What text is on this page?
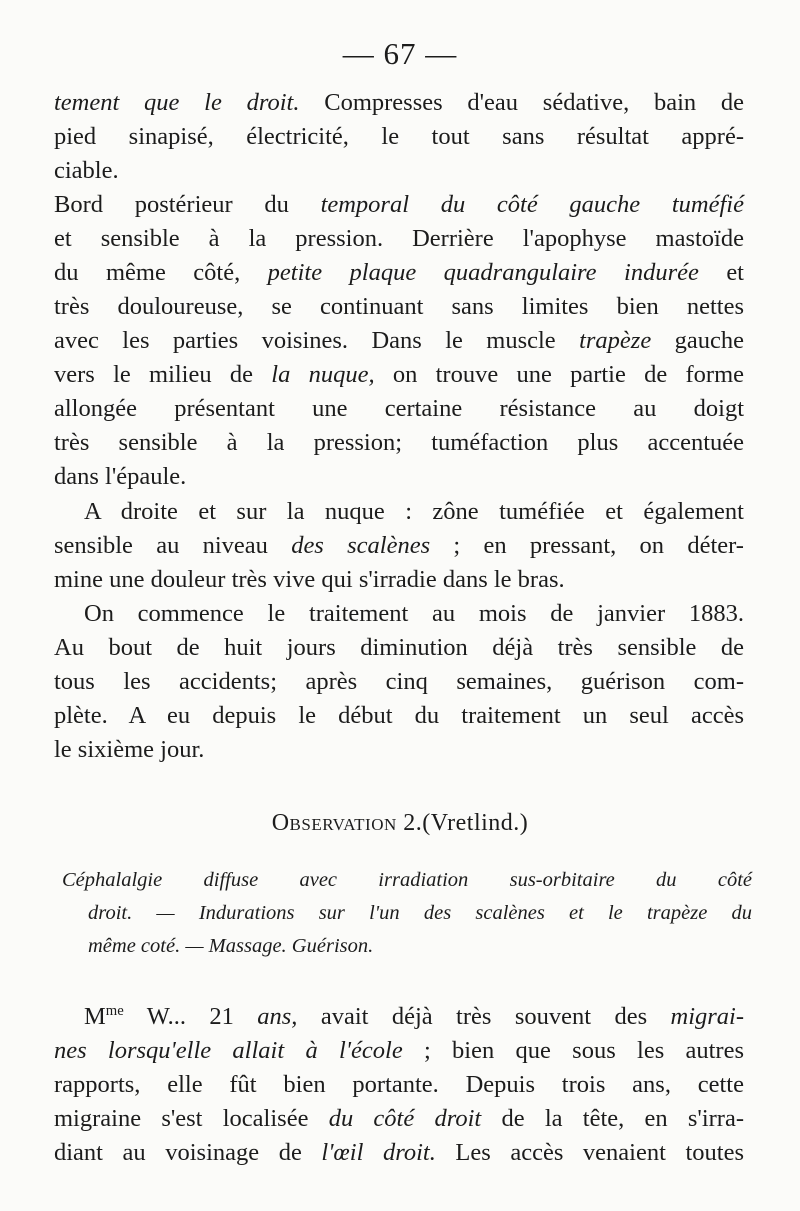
— 67 —
tement que le droit. Compresses d'eau sédative, bain de
pied sinapisé, électricité, le tout sans résultat appré-
ciable.
Bord postérieur du temporal du côté gauche tuméfié
et sensible à la pression. Derrière l'apophyse mastoïde
du même côté, petite plaque quadrangulaire indurée et
très douloureuse, se continuant sans limites bien nettes
avec les parties voisines. Dans le muscle trapèze gauche
vers le milieu de la nuque, on trouve une partie de forme
allongée présentant une certaine résistance au doigt
très sensible à la pression; tuméfaction plus accentuée
dans l'épaule.
A droite et sur la nuque : zône tuméfiée et également
sensible au niveau des scalènes ; en pressant, on déter-
mine une douleur très vive qui s'irradie dans le bras.
On commence le traitement au mois de janvier 1883.
Au bout de huit jours diminution déjà très sensible de
tous les accidents; après cinq semaines, guérison com-
plète. A eu depuis le début du traitement un seul accès
le sixième jour.
Observation 2.(Vretlind.)
Céphalalgie diffuse avec irradiation sus-orbitaire du côté
droit. — Indurations sur l'un des scalènes et le trapèze du
même coté. — Massage. Guérison.
$M^{me}$ W... 21 ans, avait déjà très souvent des migrai-
nes lorsqu'elle allait à l'école ; bien que sous les autres
rapports, elle fût bien portante. Depuis trois ans, cette
migraine s'est localisée du côté droit de la tête, en s'irra-
diant au voisinage de l'œil droit. Les accès venaient toutes
